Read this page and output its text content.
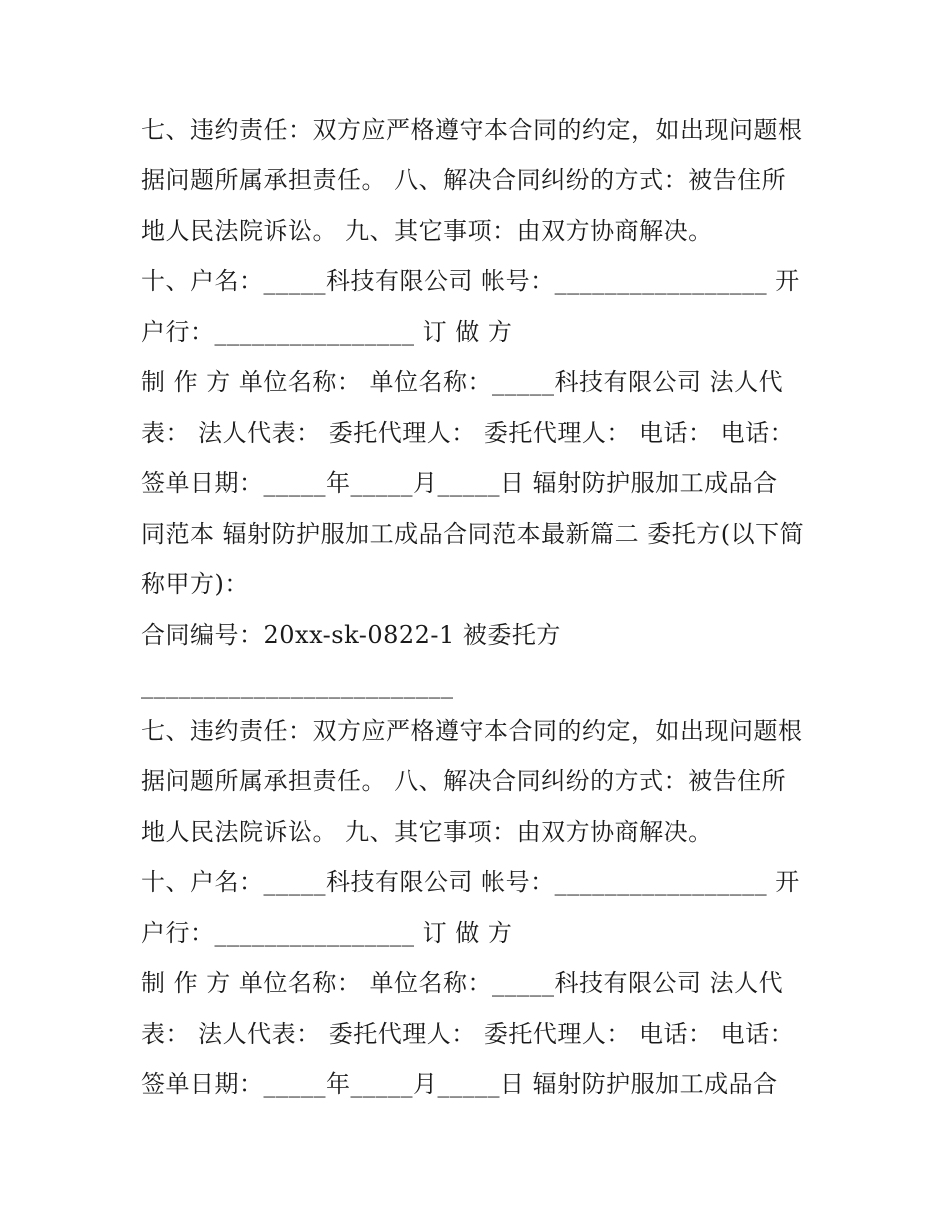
七、违约责任：双方应严格遵守本合同的约定，如出现问题根
据问题所属承担责任。 八、解决合同纠纷的方式：被告住所
地人民法院诉讼。 九、其它事项：由双方协商解决。
十、户名：_____科技有限公司 帐号：_________________ 开
户行：________________ 订 做 方
制 作 方 单位名称： 单位名称：_____科技有限公司 法人代
表： 法人代表： 委托代理人： 委托代理人： 电话： 电话：
签单日期：_____年_____月_____日 辐射防护服加工成品合
同范本 辐射防护服加工成品合同范本最新篇二 委托方(以下简
称甲方)：
合同编号：20xx-sk-0822-1 被委托方
_________________________
七、违约责任：双方应严格遵守本合同的约定，如出现问题根
据问题所属承担责任。 八、解决合同纠纷的方式：被告住所
地人民法院诉讼。 九、其它事项：由双方协商解决。
十、户名：_____科技有限公司 帐号：_________________ 开
户行：________________ 订 做 方
制 作 方 单位名称： 单位名称：_____科技有限公司 法人代
表： 法人代表： 委托代理人： 委托代理人： 电话： 电话：
签单日期：_____年_____月_____日 辐射防护服加工成品合
